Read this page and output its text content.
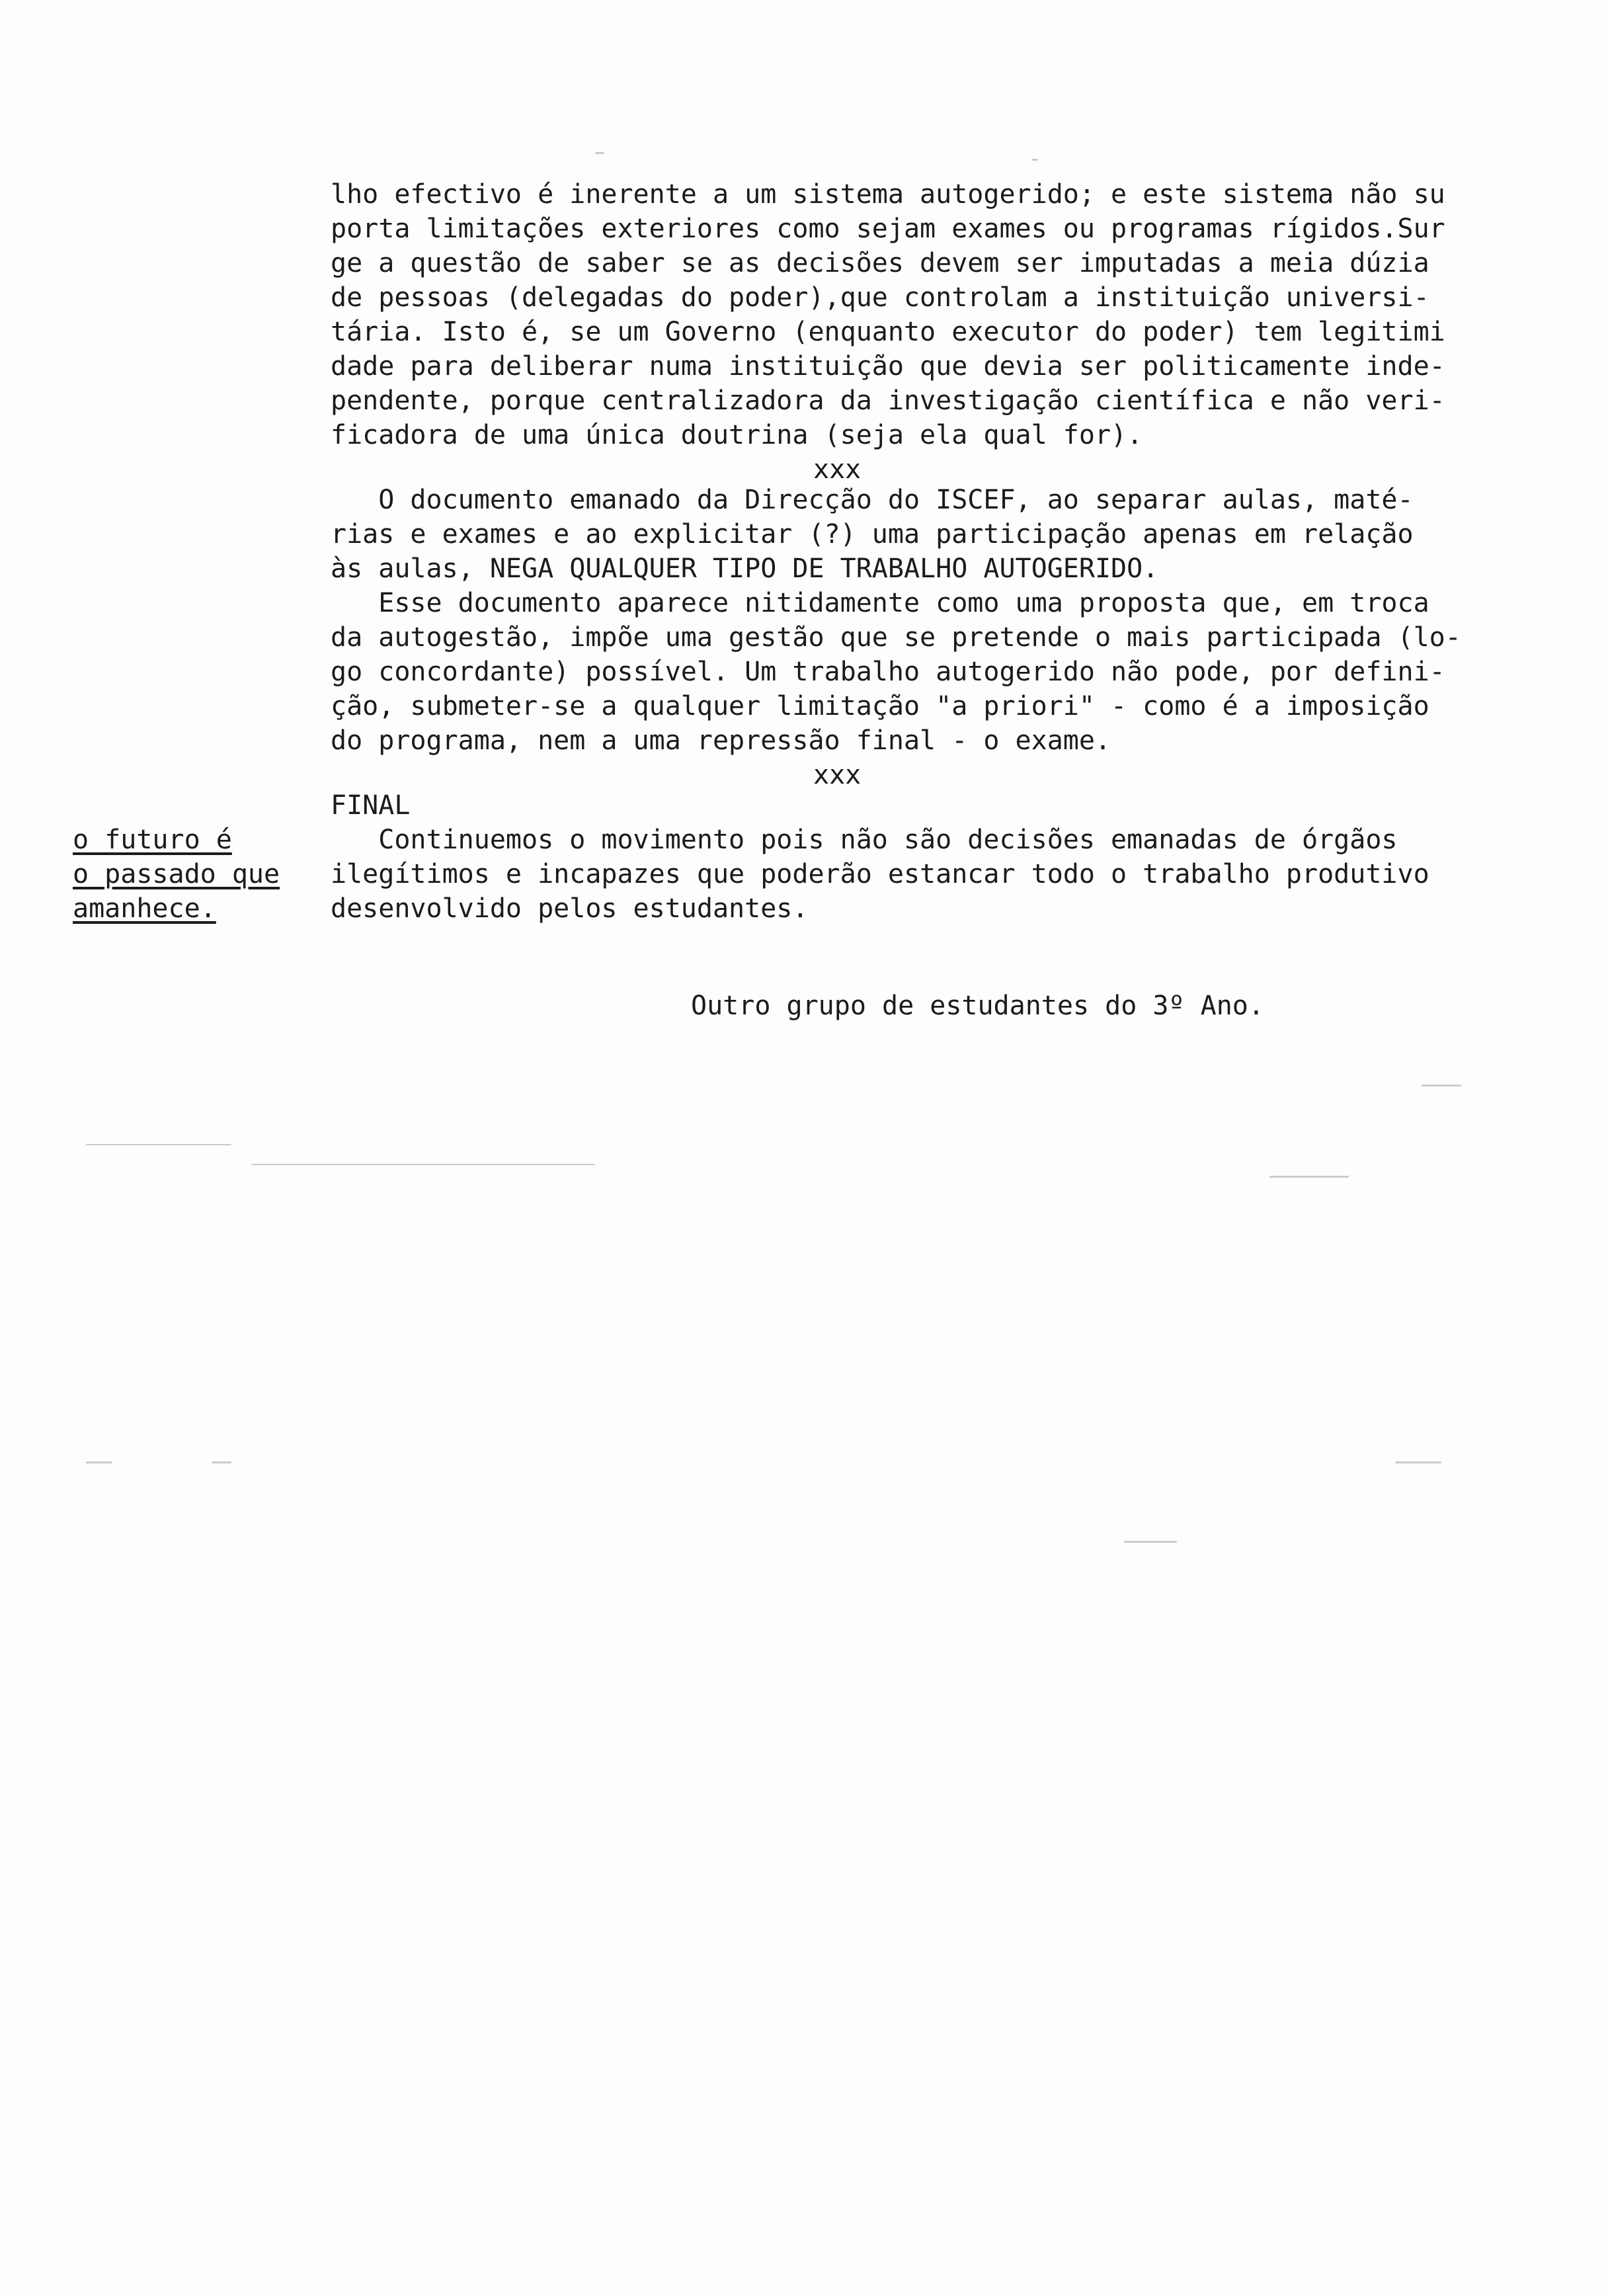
lho efectivo é inerente a um sistema autogerido; e este sistema não su
porta limitações exteriores como sejam exames ou programas rígidos.Sur
ge a questão de saber se as decisões devem ser imputadas a meia dúzia
de pessoas (delegadas do poder),que controlam a instituição universi-
tária. Isto é, se um Governo (enquanto executor do poder) tem legitimi
dade para deliberar numa instituição que devia ser politicamente inde-
pendente, porque centralizadora da investigação científica e não veri-
ficadora de uma única doutrina (seja ela qual for).
xxx
O documento emanado da Direcção do ISCEF, ao separar aulas, maté-
rias e exames e ao explicitar (?) uma participação apenas em relação
às aulas, NEGA QUALQUER TIPO DE TRABALHO AUTOGERIDO.
Esse documento aparece nitidamente como uma proposta que, em troca
da autogestão, impõe uma gestão que se pretende o mais participada (lo-
go concordante) possível. Um trabalho autogerido não pode, por defini-
ção, submeter-se a qualquer limitação "a priori" - como é a imposição
do programa, nem a uma repressão final - o exame.
xxx
FINAL
Continuemos o movimento pois não são decisões emanadas de órgãos
ilegítimos e incapazes que poderão estancar todo o trabalho produtivo
desenvolvido pelos estudantes.
o futuro é
o passado que
amanhece.
Outro grupo de estudantes do 3º Ano.
